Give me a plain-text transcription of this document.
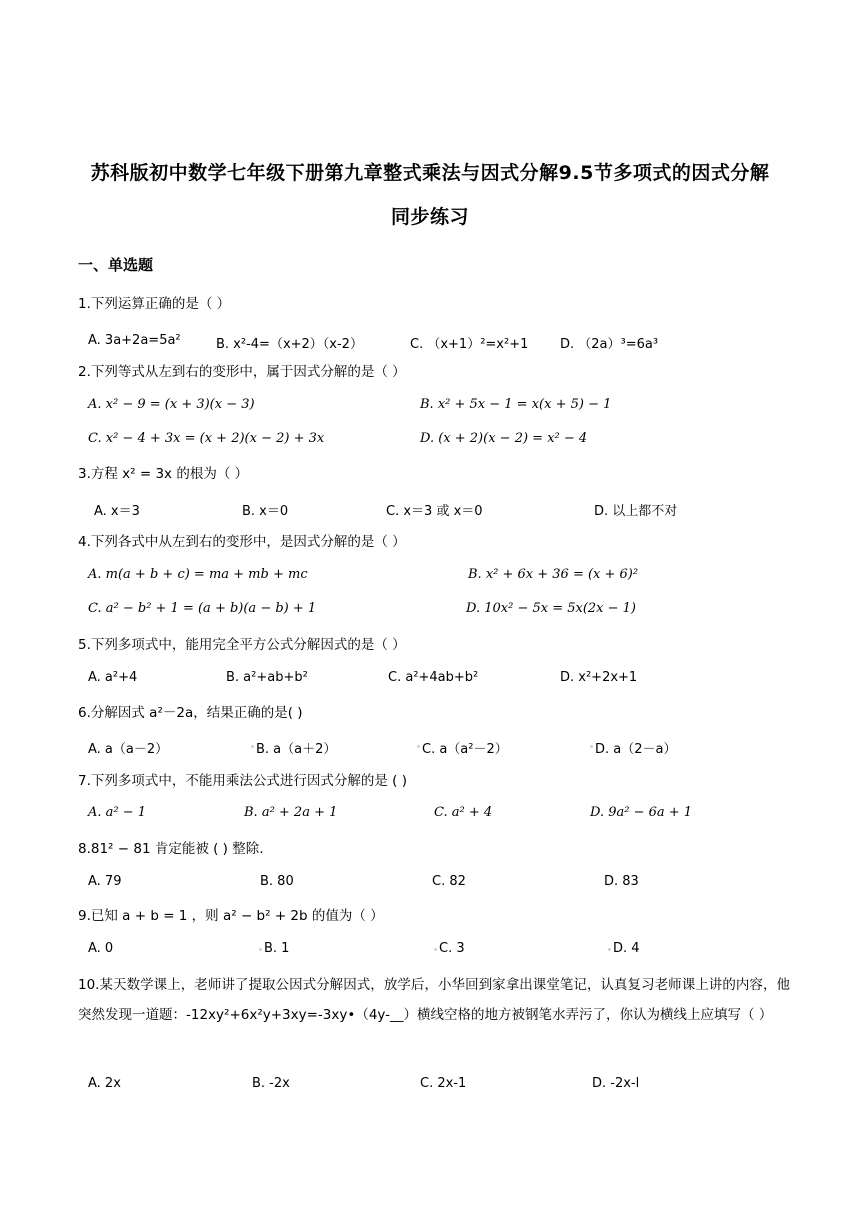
苏科版初中数学七年级下册第九章整式乘法与因式分解9.5节多项式的因式分解
同步练习
一、单选题
1.下列运算正确的是（ ）
A. 3a+2a=5a²	B. x²-4=（x+2）（x-2）	C. （x+1）²=x²+1 D. （2a）³=6a³
2.下列等式从左到右的变形中，属于因式分解的是（ ）
A. x² − 9 = (x + 3)(x − 3)	B. x² + 5x − 1 = x(x + 5) − 1
C. x² − 4 + 3x = (x + 2)(x − 2) + 3x	D. (x + 2)(x − 2) = x² − 4
3.方程 x² = 3x 的根为（ ）
A. x＝3	B. x＝0	C. x＝3 或 x＝0	D. 以上都不对
4.下列各式中从左到右的变形中，是因式分解的是（ ）
A. m(a + b + c) = ma + mb + mc	B. x² + 6x + 36 = (x + 6)²
C. a² − b² + 1 = (a + b)(a − b) + 1	D. 10x² − 5x = 5x(2x − 1)
5.下列多项式中，能用完全平方公式分解因式的是（ ）
A. a²+4	B. a²+ab+b²	C. a²+4ab+b²	D. x²+2x+1
6.分解因式 a²－2a，结果正确的是( )
A. a（a－2）	B. a（a＋2）	C. a（a²－2）	D. a（2－a）
7.下列多项式中，不能用乘法公式进行因式分解的是 ( )
A. a² − 1	B. a² + 2a + 1	C. a² + 4	D. 9a² − 6a + 1
8.81² − 81 肯定能被 ( ) 整除.
A. 79	B. 80	C. 82	D. 83
9.已知 a + b = 1 ，则 a² − b² + 2b 的值为（ ）
A. 0	B. 1	C. 3	D. 4
10.某天数学课上，老师讲了提取公因式分解因式，放学后，小华回到家拿出课堂笔记，认真复习老师课上讲的内容，他突然发现一道题：-12xy²+6x²y+3xy=-3xy•（4y-__）横线空格的地方被钢笔水弄污了，你认为横线上应填写（ ）
A. 2x	B. -2x	C. 2x-1	D. -2x-l
